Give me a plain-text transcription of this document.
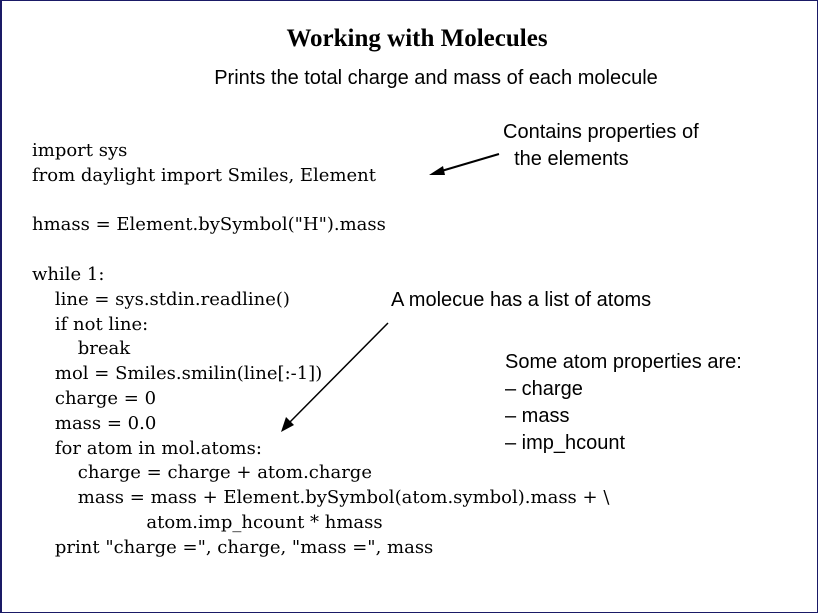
Working with Molecules
Prints the total charge and mass of each molecule
import sys
from daylight import Smiles, Element
hmass = Element.bySymbol("H").mass
while 1:
line = sys.stdin.readline()
if not line:
break
mol = Smiles.smilin(line[:-1])
charge = 0
mass = 0.0
for atom in mol.atoms:
charge = charge + atom.charge
mass = mass + Element.bySymbol(atom.symbol).mass + \
atom.imp_hcount * hmass
print "charge =", charge, "mass =", mass
Contains properties of
the elements
A molecue has a list of atoms
Some atom properties are:
– charge
– mass
– imp_hcount
